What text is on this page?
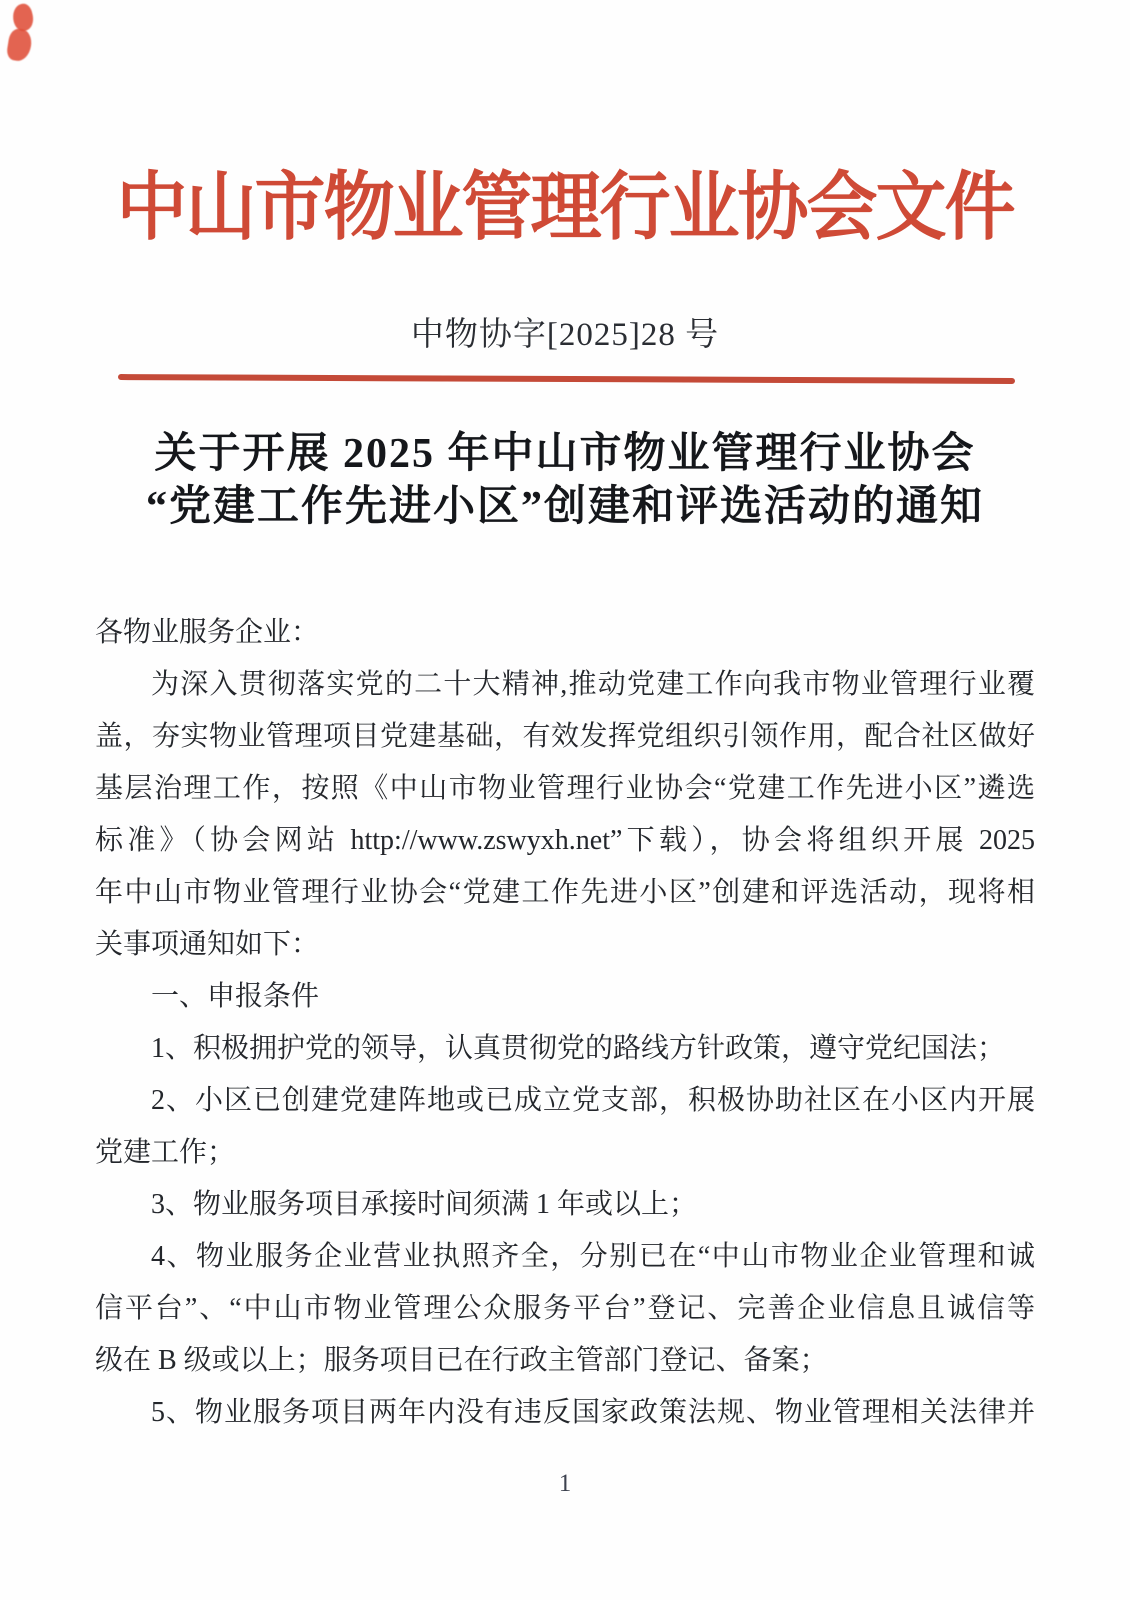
中山市物业管理行业协会文件
中物协字[2025]28 号
关于开展 2025 年中山市物业管理行业协会
“党建工作先进小区”创建和评选活动的通知
各物业服务企业：
为深入贯彻落实党的二十大精神,推动党建工作向我市物业管理行业覆
盖，夯实物业管理项目党建基础，有效发挥党组织引领作用，配合社区做好
基层治理工作，按照《中山市物业管理行业协会“党建工作先进小区”遴选
标准》（协会网站 http://www.zswyxh.net”下载），协会将组织开展 2025
年中山市物业管理行业协会“党建工作先进小区”创建和评选活动，现将相
关事项通知如下：
一、申报条件
1、积极拥护党的领导，认真贯彻党的路线方针政策，遵守党纪国法；
2、小区已创建党建阵地或已成立党支部，积极协助社区在小区内开展
党建工作；
3、物业服务项目承接时间须满 1 年或以上；
4、物业服务企业营业执照齐全，分别已在“中山市物业企业管理和诚
信平台”、“中山市物业管理公众服务平台”登记、完善企业信息且诚信等
级在 B 级或以上；服务项目已在行政主管部门登记、备案；
5、物业服务项目两年内没有违反国家政策法规、物业管理相关法律并
1
